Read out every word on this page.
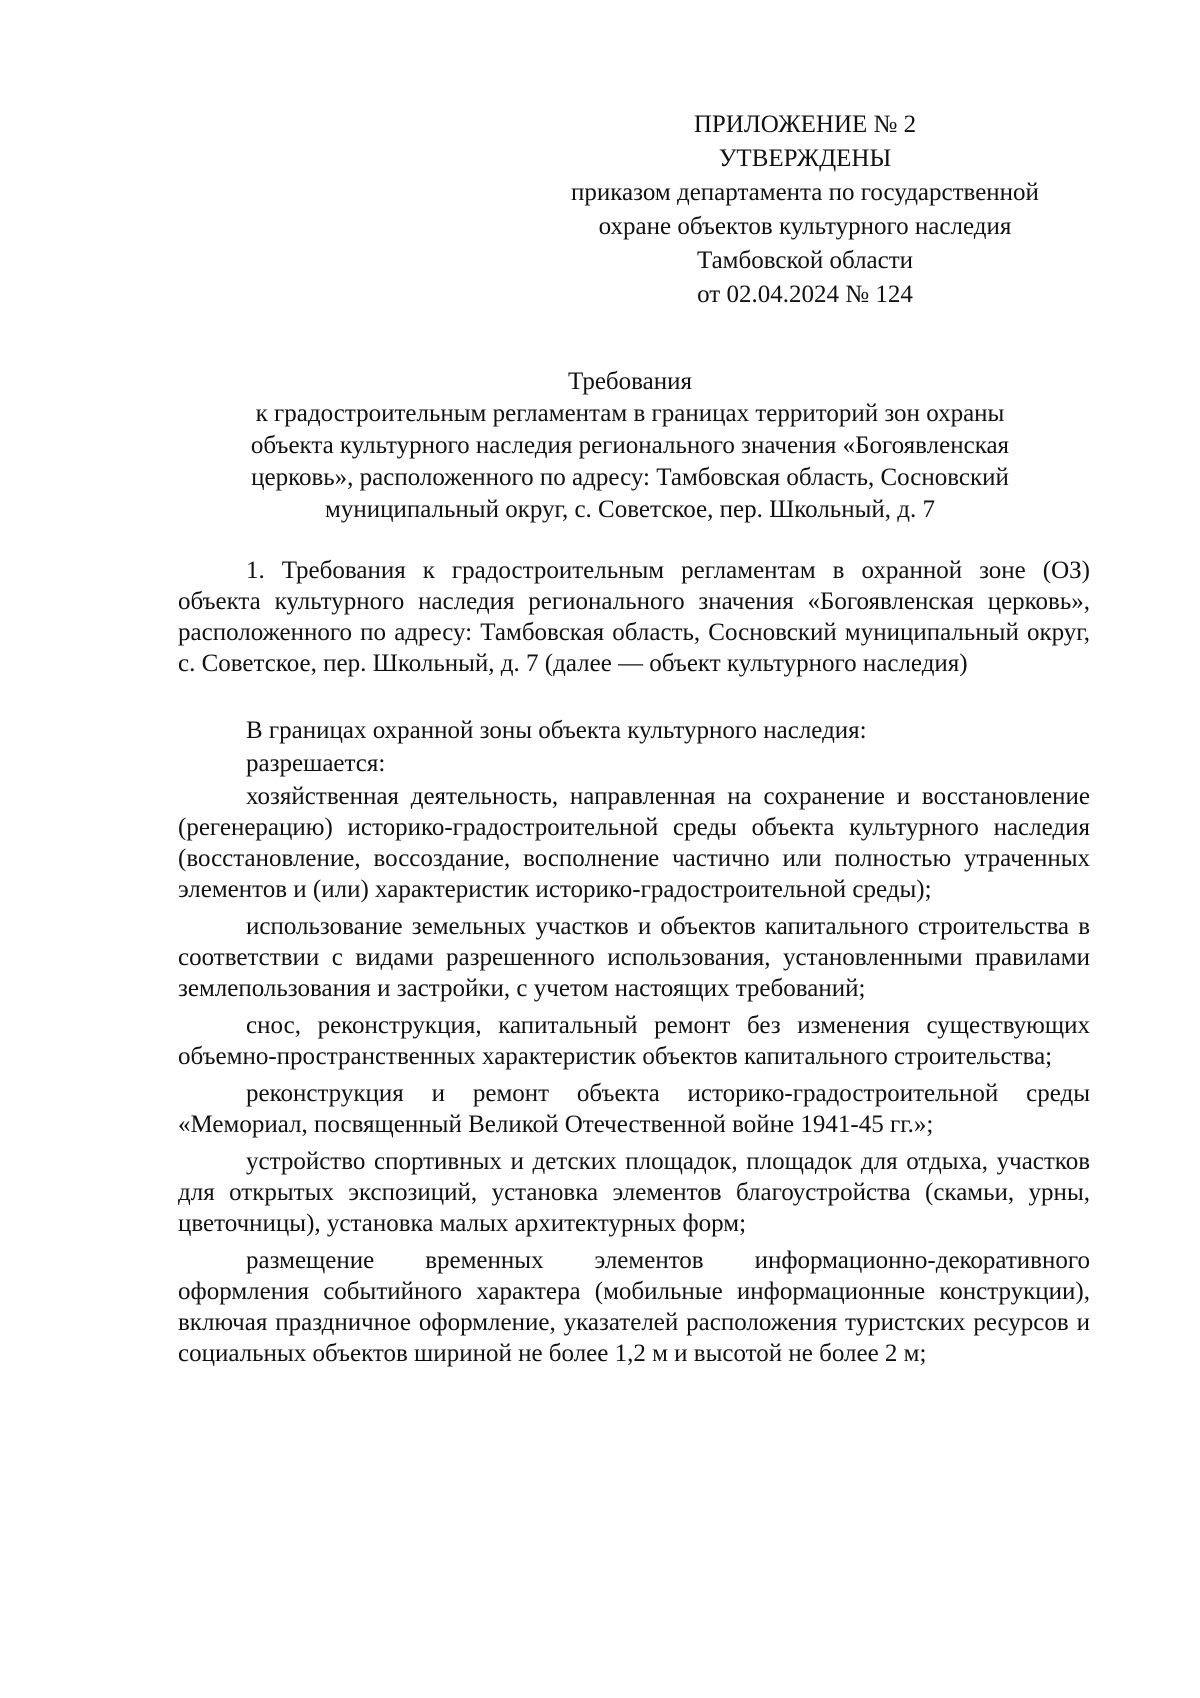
ПРИЛОЖЕНИЕ № 2
УТВЕРЖДЕНЫ
приказом департамента по государственной
охране объектов культурного наследия
Тамбовской области
от 02.04.2024 № 124
Требования
к градостроительным регламентам в границах территорий зон охраны
объекта культурного наследия регионального значения «Богоявленская
церковь», расположенного по адресу: Тамбовская область, Сосновский
муниципальный округ, с. Советское, пер. Школьный, д. 7

1. Требования к градостроительным регламентам в охранной зоне (ОЗ) объекта культурного наследия регионального значения «Богоявленская церковь», расположенного по адресу: Тамбовская область, Сосновский муниципальный округ, с. Советское, пер. Школьный, д. 7 (далее — объект культурного наследия)

В границах охранной зоны объекта культурного наследия:

разрешается:

хозяйственная деятельность, направленная на сохранение и восстановление (регенерацию) историко-градостроительной среды объекта культурного наследия (восстановление, воссоздание, восполнение частично или полностью утраченных элементов и (или) характеристик историко-градостроительной среды);

использование земельных участков и объектов капитального строительства в соответствии с видами разрешенного использования, установленными правилами землепользования и застройки, с учетом настоящих требований;

снос, реконструкция, капитальный ремонт без изменения существующих объемно-пространственных характеристик объектов капитального строительства;

реконструкция и ремонт объекта историко-градостроительной среды «Мемориал, посвященный Великой Отечественной войне 1941-45 гг.»;

устройство спортивных и детских площадок, площадок для отдыха, участков для открытых экспозиций, установка элементов благоустройства (скамьи, урны, цветочницы), установка малых архитектурных форм;

размещение временных элементов информационно-декоративного оформления событийного характера (мобильные информационные конструкции), включая праздничное оформление, указателей расположения туристских ресурсов и социальных объектов шириной не более 1,2 м и высотой не более 2 м;
